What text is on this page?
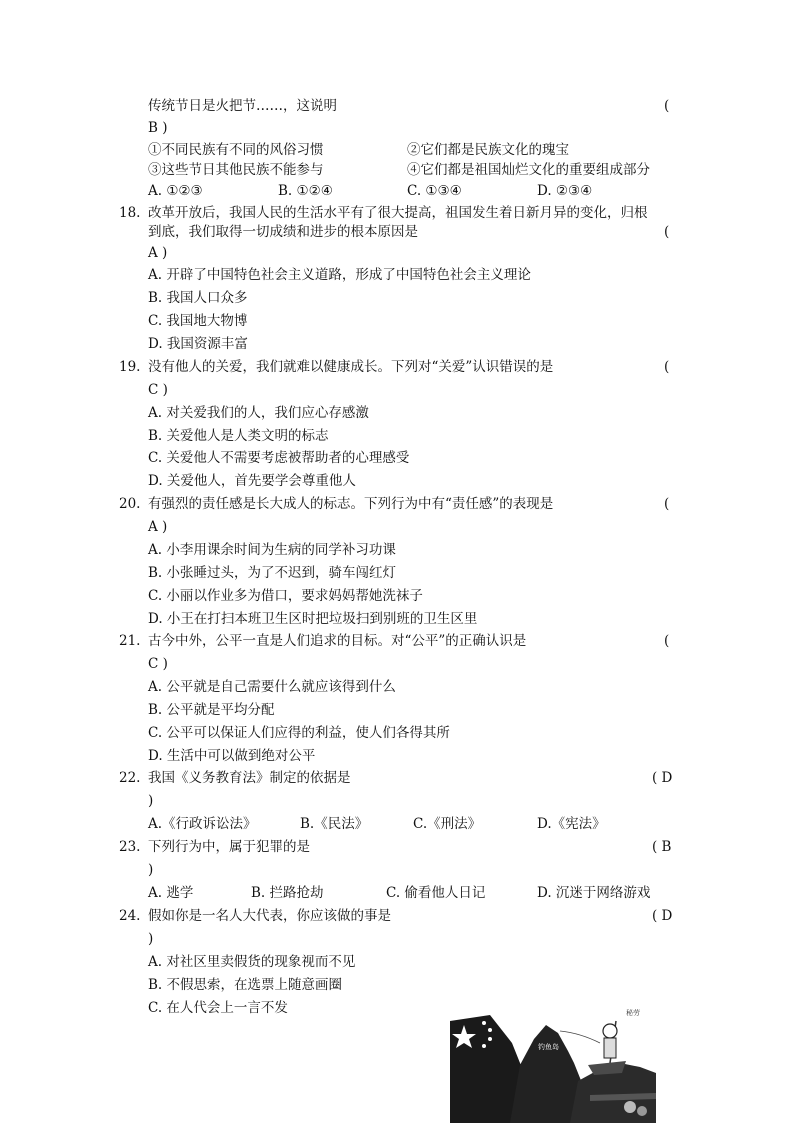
传统节日是火把节……，这说明	(
B )
①不同民族有不同的风俗习惯	②它们都是民族文化的瑰宝
③这些节日其他民族不能参与	④它们都是祖国灿烂文化的重要组成部分
A. ①②③	B. ①②④	C. ①③④	D. ②③④
18. 改革开放后，我国人民的生活水平有了很大提高，祖国发生着日新月异的变化，归根
到底，我们取得一切成绩和进步的根本原因是	(
A )
A. 开辟了中国特色社会主义道路，形成了中国特色社会主义理论
B. 我国人口众多
C. 我国地大物博
D. 我国资源丰富
19. 没有他人的关爱，我们就难以健康成长。下列对“关爱”认识错误的是	(
C )
A. 对关爱我们的人，我们应心存感激
B. 关爱他人是人类文明的标志
C. 关爱他人不需要考虑被帮助者的心理感受
D. 关爱他人，首先要学会尊重他人
20. 有强烈的责任感是长大成人的标志。下列行为中有“责任感”的表现是	(
A )
A. 小李用课余时间为生病的同学补习功课
B. 小张睡过头，为了不迟到，骑车闯红灯
C. 小丽以作业多为借口，要求妈妈帮她洗袜子
D. 小王在打扫本班卫生区时把垃圾扫到别班的卫生区里
21. 古今中外，公平一直是人们追求的目标。对“公平”的正确认识是	(
C )
A. 公平就是自己需要什么就应该得到什么
B. 公平就是平均分配
C. 公平可以保证人们应得的利益，使人们各得其所
D. 生活中可以做到绝对公平
22. 我国《义务教育法》制定的依据是	( D
)
A.《行政诉讼法》	B.《民法》	C.《刑法》	D.《宪法》
23. 下列行为中，属于犯罪的是	( B
)
A. 逃学	B. 拦路抢劫	C. 偷看他人日记	D. 沉迷于网络游戏
24. 假如你是一名人大代表，你应该做的事是	( D
)
A. 对社区里卖假货的现象视而不见
B. 不假思索，在选票上随意画圈
C. 在人代会上一言不发
钓鱼岛
秘劳
